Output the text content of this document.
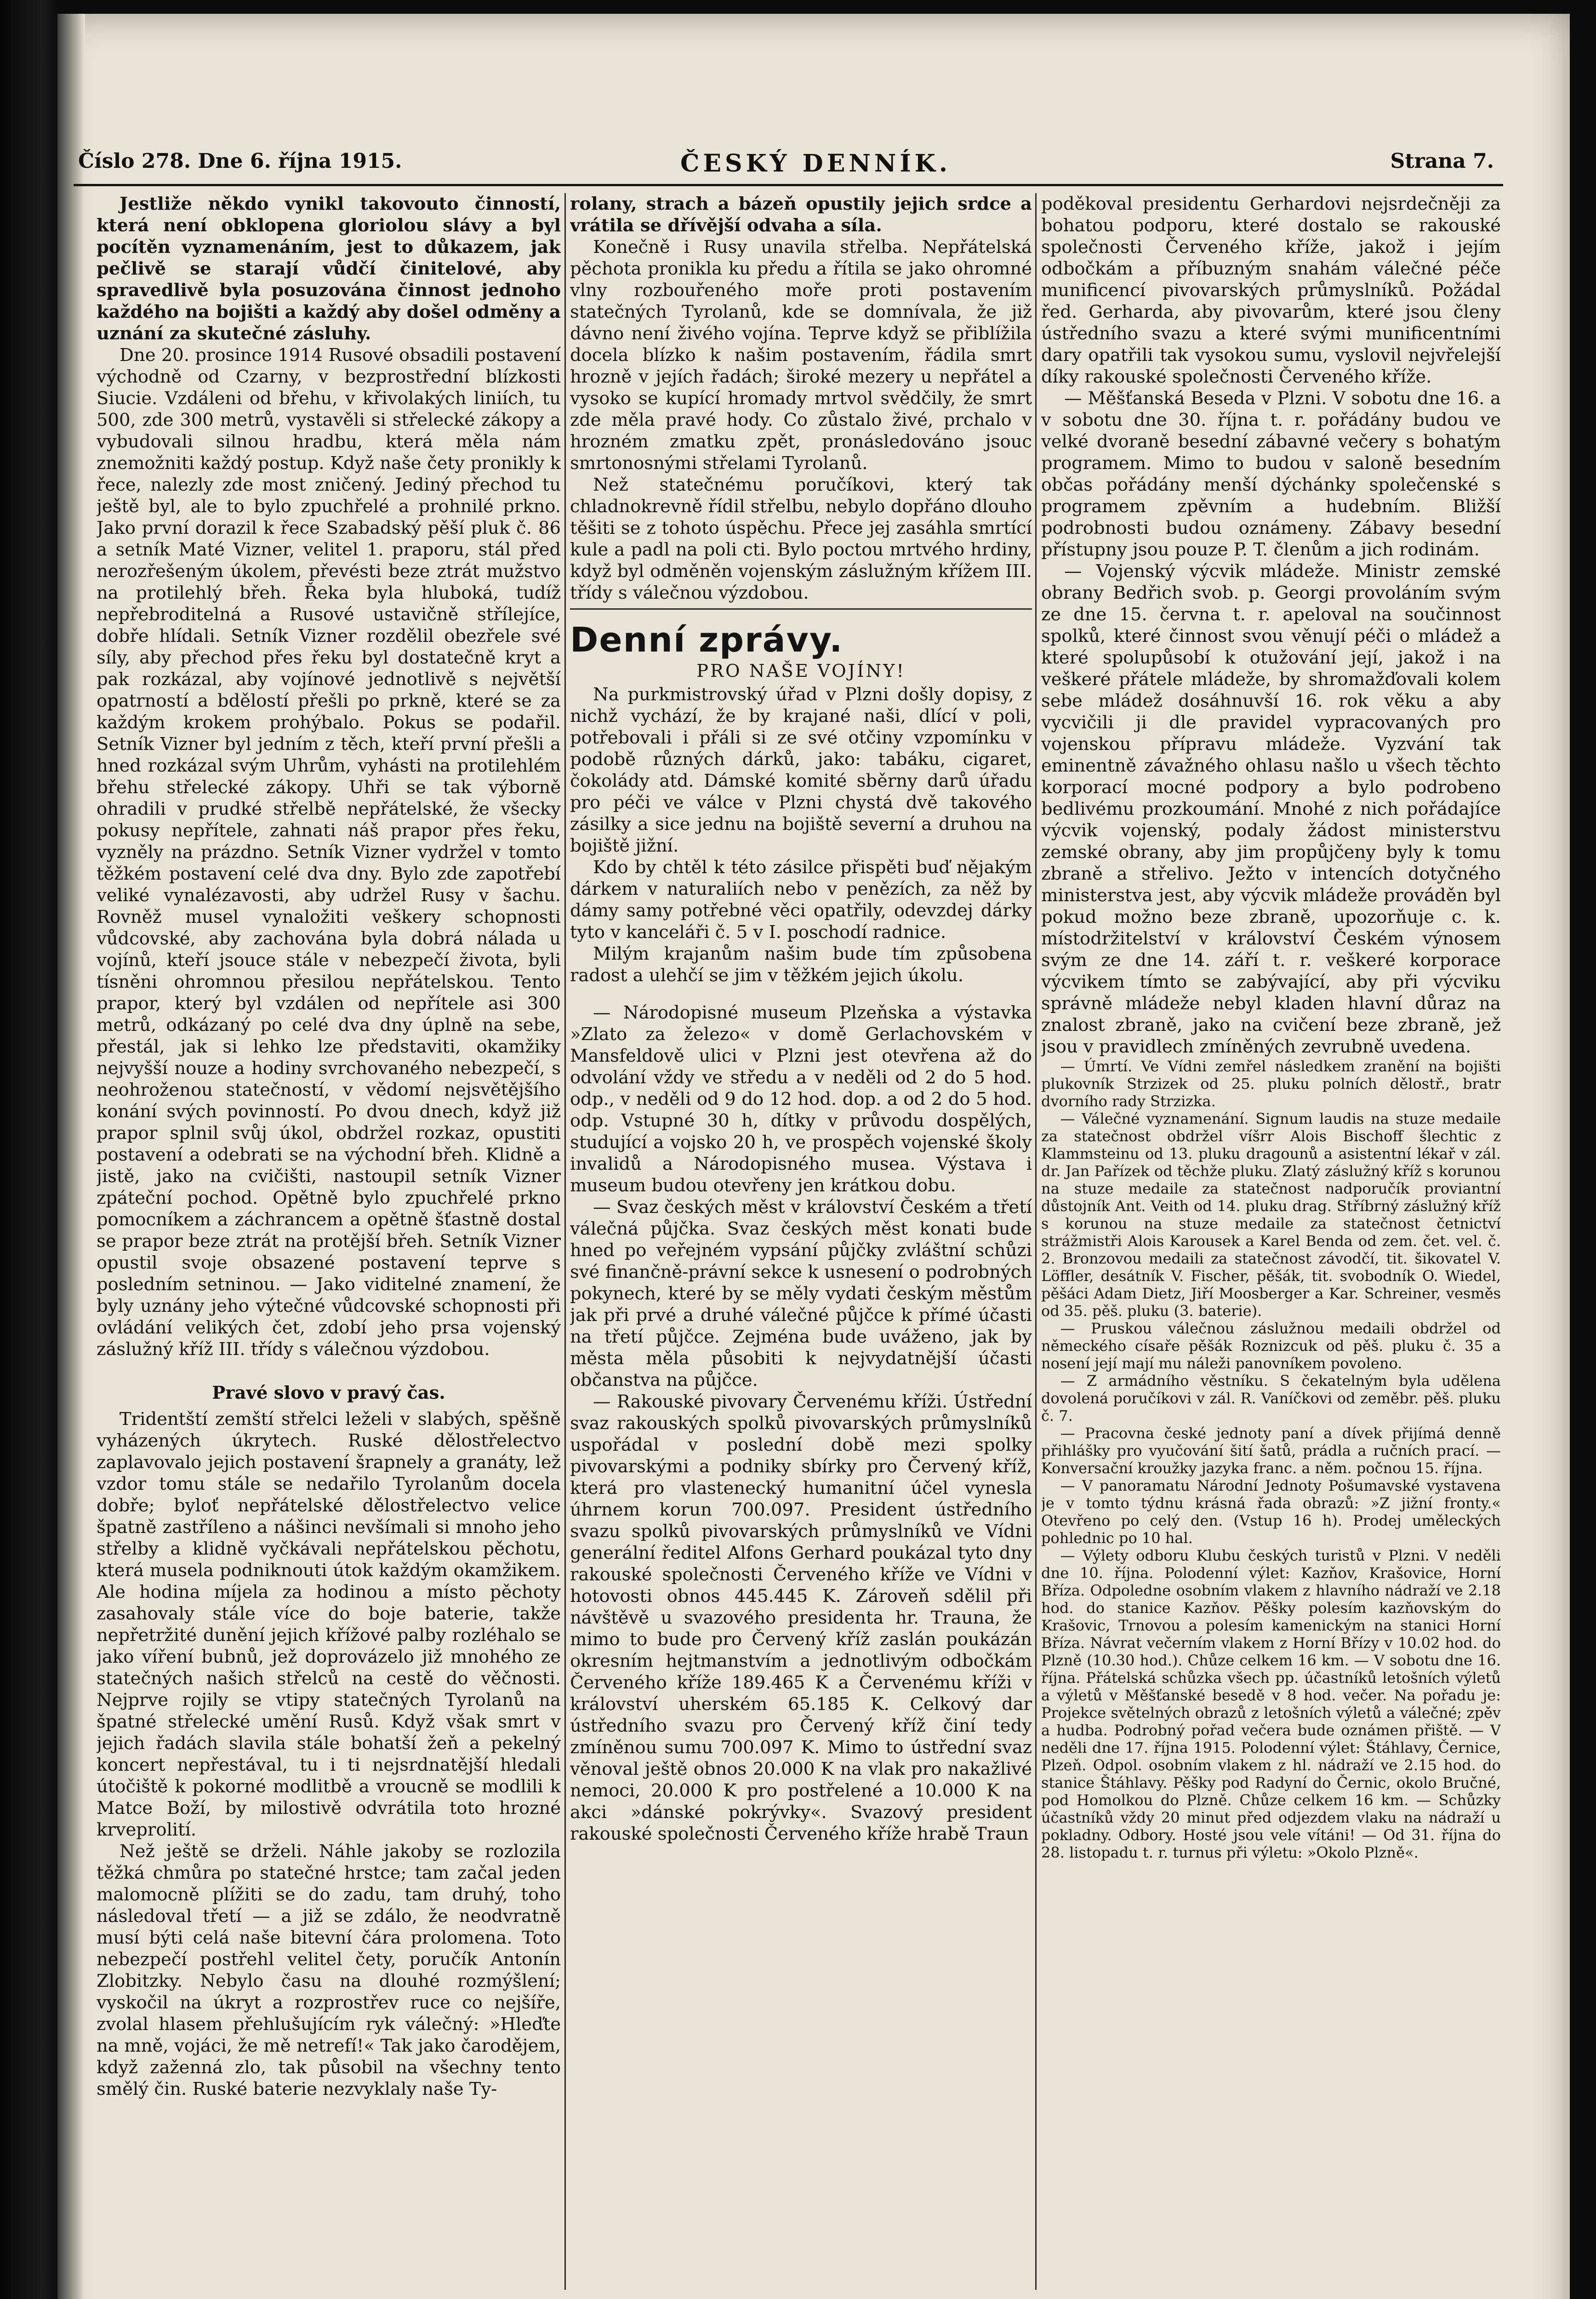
Číslo 278. Dne 6. října 1915.	ČESKÝ DENNÍK.	Strana 7.

Jestliže někdo vynikl takovouto činností, která není obklopena gloriolou slávy a byl pocítěn vyznamenáním, jest to důkazem, jak pečlivě se starají vůdčí činitelové, aby spravedlivě byla posuzována činnost jednoho každého na bojišti a každý aby došel odměny a uznání za skutečné zásluhy.

Dne 20. prosince 1914 Rusové obsadili postavení východně od Czarny, v bezprostřední blízkosti Siucie. Vzdáleni od břehu, v křivolakých liniích, tu 500, zde 300 metrů, vystavěli si střelecké zákopy a vybudovali silnou hradbu, která měla nám znemožniti každý postup. Když naše čety pronikly k řece, nalezly zde most zničený. Jediný přechod tu ještě byl, ale to bylo zpuchřelé a prohnilé prkno. Jako první dorazil k řece Szabadský pěší pluk č. 86 a setník Maté Vizner, velitel 1. praporu, stál před nerozřešeným úkolem, převésti beze ztrát mužstvo na protilehlý břeh. Řeka byla hluboká, tudíž nepřebroditelná a Rusové ustavičně střílejíce, dobře hlídali. Setník Vizner rozdělil obezřele své síly, aby přechod přes řeku byl dostatečně kryt a pak rozkázal, aby vojínové jednotlivě s největší opatrností a bdělostí přešli po prkně, které se za každým krokem prohýbalo. Pokus se podařil. Setník Vizner byl jedním z těch, kteří první přešli a hned rozkázal svým Uhrům, vyhásti na protilehlém břehu střelecké zákopy. Uhři se tak výborně ohradili v prudké střelbě nepřátelské, že všecky pokusy nepřítele, zahnati náš prapor přes řeku, vyzněly na prázdno. Setník Vizner vydržel v tomto těžkém postavení celé dva dny. Bylo zde zapotřebí veliké vynalézavosti, aby udržel Rusy v šachu. Rovněž musel vynaložiti veškery schopnosti vůdcovské, aby zachována byla dobrá nálada u vojínů, kteří jsouce stále v nebezpečí života, byli tísněni ohromnou přesilou nepřátelskou. Tento prapor, který byl vzdálen od nepřítele asi 300 metrů, odkázaný po celé dva dny úplně na sebe, přestál, jak si lehko lze představiti, okamžiky nejvyšší nouze a hodiny svrchovaného nebezpečí, s neohroženou statečností, v vědomí nejsvětějšího konání svých povinností. Po dvou dnech, když již prapor splnil svůj úkol, obdržel rozkaz, opustiti postavení a odebrati se na východní břeh. Klidně a jistě, jako na cvičišti, nastoupil setník Vizner zpáteční pochod. Opětně bylo zpuchřelé prkno pomocníkem a záchrancem a opětně šťastně dostal se prapor beze ztrát na protější břeh. Setník Vizner opustil svoje obsazené postavení teprve s posledním setninou. — Jako viditelné znamení, že byly uznány jeho výtečné vůdcovské schopnosti při ovládání velikých čet, zdobí jeho prsa vojenský záslužný kříž III. třídy s válečnou výzdobou.

Pravé slovo v pravý čas.

Tridentští zemští střelci leželi v slabých, spěšně vyházených úkrytech. Ruské dělostřelectvo zaplavovalo jejich postavení šrapnely a granáty, lež vzdor tomu stále se nedařilo Tyrolanům docela dobře; byloť nepřátelské dělostřelectvo velice špatně zastříleno a nášinci nevšímali si mnoho jeho střelby a klidně vyčkávali nepřátelskou pěchotu, která musela podniknouti útok každým okamžikem. Ale hodina míjela za hodinou a místo pěchoty zasahovaly stále více do boje baterie, takže nepřetržité dunění jejich křížové palby rozléhalo se jako víření bubnů, jež doprovázelo již mnohého ze statečných našich střelců na cestě do věčnosti. Nejprve rojily se vtipy statečných Tyrolanů na špatné střelecké umění Rusů. Když však smrt v jejich řadách slavila stále bohatší žeň a pekelný koncert nepřestával, tu i ti nejsrdnatější hledali útočiště k pokorné modlitbě a vroucně se modlili k Matce Boží, by milostivě odvrátila toto hrozné krveprolití.

Než ještě se drželi. Náhle jakoby se rozlozila těžká chmůra po statečné hrstce; tam začal jeden malomocně plížiti se do zadu, tam druhý, toho následoval třetí — a již se zdálo, že neodvratně musí býti celá naše bitevní čára prolomena. Toto nebezpečí postřehl velitel čety, poručík Antonín Zlobitzky. Nebylo času na dlouhé rozmýšlení; vyskočil na úkryt a rozprostřev ruce co nejšíře, zvolal hlasem přehlušujícím ryk válečný: »Hleďte na mně, vojáci, že mě netrefí!« Tak jako čarodějem, když zaženná zlo, tak působil na všechny tento smělý čin. Ruské baterie nezvyklaly naše Ty-

rolany, strach a bázeň opustily jejich srdce a vrátila se dřívější odvaha a síla.

Konečně i Rusy unavila střelba. Nepřátelská pěchota pronikla ku předu a řítila se jako ohromné vlny rozbouřeného moře proti postavením statečných Tyrolanů, kde se domnívala, že již dávno není živého vojína. Teprve když se přiblížila docela blízko k našim postavením, řádila smrt hrozně v jejích řadách; široké mezery u nepřátel a vysoko se kupící hromady mrtvol svědčily, že smrt zde měla pravé hody. Co zůstalo živé, prchalo v hrozném zmatku zpět, pronásledováno jsouc smrtonosnými střelami Tyrolanů.

Než statečnému poručíkovi, který tak chladnokrevně řídil střelbu, nebylo dopřáno dlouho těšiti se z tohoto úspěchu. Přece jej zasáhla smrtící kule a padl na poli cti. Bylo poctou mrtvého hrdiny, když byl odměněn vojenským záslužným křížem III. třídy s válečnou výzdobou.

Denní zprávy.

PRO NAŠE VOJÍNY!

Na purkmistrovský úřad v Plzni došly dopisy, z nichž vychází, že by krajané naši, dlící v poli, potřebovali i přáli si ze své otčiny vzpomínku v podobě různých dárků, jako: tabáku, cigaret, čokolády atd. Dámské komité sběrny darů úřadu pro péči ve válce v Plzni chystá dvě takového zásilky a sice jednu na bojiště severní a druhou na bojiště jižní.

Kdo by chtěl k této zásilce přispěti buď nějakým dárkem v naturaliích nebo v penězích, za něž by dámy samy potřebné věci opatřily, odevzdej dárky tyto v kanceláři č. 5 v I. poschodí radnice.

Milým krajanům našim bude tím způsobena radost a ulehčí se jim v těžkém jejich úkolu.

— Národopisné museum Plzeňska a výstavka »Zlato za železo« v domě Gerlachovském v Mansfeldově ulici v Plzni jest otevřena až do odvolání vždy ve středu a v neděli od 2 do 5 hod. odp., v neděli od 9 do 12 hod. dop. a od 2 do 5 hod. odp. Vstupné 30 h, dítky v průvodu dospělých, studující a vojsko 20 h, ve prospěch vojenské školy invalidů a Národopisného musea. Výstava i museum budou otevřeny jen krátkou dobu.

— Svaz českých měst v království Českém a třetí válečná půjčka. Svaz českých měst konati bude hned po veřejném vypsání půjčky zvláštní schůzi své finančně-právní sekce k usnesení o podrobných pokynech, které by se měly vydati českým městům jak při prvé a druhé válečné půjčce k přímé účasti na třetí půjčce. Zejména bude uváženo, jak by města měla působiti k nejvydatnější účasti občanstva na půjčce.

— Rakouské pivovary Červenému kříži. Ústřední svaz rakouských spolků pivovarských průmyslníků uspořádal v poslední době mezi spolky pivovarskými a podniky sbírky pro Červený kříž, která pro vlastenecký humanitní účel vynesla úhrnem korun 700.097. President ústředního svazu spolků pivovarských průmyslníků ve Vídni generální ředitel Alfons Gerhard poukázal tyto dny rakouské společnosti Červeného kříže ve Vídni v hotovosti obnos 445.445 K. Zároveň sdělil při návštěvě u svazového presidenta hr. Trauna, že mimo to bude pro Červený kříž zaslán poukázán okresním hejtmanstvím a jednotlivým odbočkám Červeného kříže 189.465 K a Červenému kříži v království uherském 65.185 K. Celkový dar ústředního svazu pro Červený kříž činí tedy zmíněnou sumu 700.097 K. Mimo to ústřední svaz věnoval ještě obnos 20.000 K na vlak pro nakažlivé nemoci, 20.000 K pro postřelené a 10.000 K na akci »dánské pokrývky«. Svazový president rakouské společnosti Červeného kříže hrabě Traun

poděkoval presidentu Gerhardovi nejsrdečněji za bohatou podporu, které dostalo se rakouské společnosti Červeného kříže, jakož i jejím odbočkám a příbuzným snahám válečné péče munificencí pivovarských průmyslníků. Požádal řed. Gerharda, aby pivovarům, které jsou členy ústředního svazu a které svými munificentními dary opatřili tak vysokou sumu, vyslovil nejvřelejší díky rakouské společnosti Červeného kříže.

— Měšťanská Beseda v Plzni. V sobotu dne 16. a v sobotu dne 30. října t. r. pořádány budou ve velké dvoraně besední zábavné večery s bohatým programem. Mimo to budou v saloně besedním občas pořádány menší dýchánky společenské s programem zpěvním a hudebním. Bližší podrobnosti budou oznámeny. Zábavy besední přístupny jsou pouze P. T. členům a jich rodinám.

— Vojenský výcvik mládeže. Ministr zemské obrany Bedřich svob. p. Georgi provoláním svým ze dne 15. června t. r. apeloval na součinnost spolků, které činnost svou věnují péči o mládež a které spolupůsobí k otužování její, jakož i na veškeré přátele mládeže, by shromažďovali kolem sebe mládež dosáhnuvší 16. rok věku a aby vycvičili ji dle pravidel vypracovaných pro vojenskou přípravu mládeže. Vyzvání tak eminentně závažného ohlasu našlo u všech těchto korporací mocné podpory a bylo podrobeno bedlivému prozkoumání. Mnohé z nich pořádajíce výcvik vojenský, podaly žádost ministerstvu zemské obrany, aby jim propůjčeny byly k tomu zbraně a střelivo. Ježto v intencích dotyčného ministerstva jest, aby výcvik mládeže prováděn byl pokud možno beze zbraně, upozorňuje c. k. místodržitelství v království Českém výnosem svým ze dne 14. září t. r. veškeré korporace výcvikem tímto se zabývající, aby při výcviku správně mládeže nebyl kladen hlavní důraz na znalost zbraně, jako na cvičení beze zbraně, jež jsou v pravidlech zmíněných zevrubně uvedena.

— Úmrtí. Ve Vídni zemřel následkem zranění na bojišti plukovník Strzizek od 25. pluku polních dělostř., bratr dvorního rady Strzizka.

— Válečné vyznamenání. Signum laudis na stuze medaile za statečnost obdržel víšrr Alois Bischoff šlechtic z Klammsteinu od 13. pluku dragounů a asistentní lékař v zál. dr. Jan Pařízek od těchže pluku. Zlatý záslužný kříž s korunou na stuze medaile za statečnost nadporučík proviantní důstojník Ant. Veith od 14. pluku drag. Stříbrný záslužný kříž s korunou na stuze medaile za statečnost četnictví strážmistři Alois Karousek a Karel Benda od zem. čet. vel. č. 2. Bronzovou medaili za statečnost závodčí, tit. šikovatel V. Löffler, desátník V. Fischer, pěšák, tit. svobodník O. Wiedel, pěšáci Adam Dietz, Jiří Moosberger a Kar. Schreiner, vesměs od 35. pěš. pluku (3. baterie).

— Pruskou válečnou záslužnou medaili obdržel od německého císaře pěšák Roznizcuk od pěš. pluku č. 35 a nosení její mají mu náleži panovníkem povoleno.

— Z armádního věstníku. S čekatelným byla udělena dovolená poručíkovi v zál. R. Vaníčkovi od zeměbr. pěš. pluku č. 7.

— Pracovna české jednoty paní a dívek přijímá denně přihlášky pro vyučování šití šatů, prádla a ručních prací. — Konversační kroužky jazyka franc. a něm. počnou 15. října.

— V panoramatu Národní Jednoty Pošumavské vystavena je v tomto týdnu krásná řada obrazů: »Z jižní fronty.« Otevřeno po celý den. (Vstup 16 h). Prodej uměleckých pohlednic po 10 hal.

— Výlety odboru Klubu českých turistů v Plzni. V neděli dne 10. října. Polodenní výlet: Kazňov, Krašovice, Horní Bříza. Odpoledne osobním vlakem z hlavního nádraží ve 2.18 hod. do stanice Kazňov. Pěšky polesím kazňovským do Krašovic, Trnovou a polesím kamenickým na stanici Horní Bříza. Návrat večerním vlakem z Horní Břízy v 10.02 hod. do Plzně (10.30 hod.). Chůze celkem 16 km. — V sobotu dne 16. října. Přátelská schůzka všech pp. účastníků letošních výletů a výletů v Měšťanské besedě v 8 hod. večer. Na pořadu je: Projekce světelných obrazů z letošních výletů a válečné; zpěv a hudba. Podrobný pořad večera bude oznámen přiště. — V neděli dne 17. října 1915. Polodenní výlet: Štáhlavy, Černice, Plzeň. Odpol. osobním vlakem z hl. nádraží ve 2.15 hod. do stanice Štáhlavy. Pěšky pod Radyní do Černic, okolo Bručné, pod Homolkou do Plzně. Chůze celkem 16 km. — Schůzky účastníků vždy 20 minut před odjezdem vlaku na nádraží u pokladny. Odbory. Hosté jsou vele vítáni! — Od 31. října do 28. listopadu t. r. turnus při výletu: »Okolo Plzně«.
